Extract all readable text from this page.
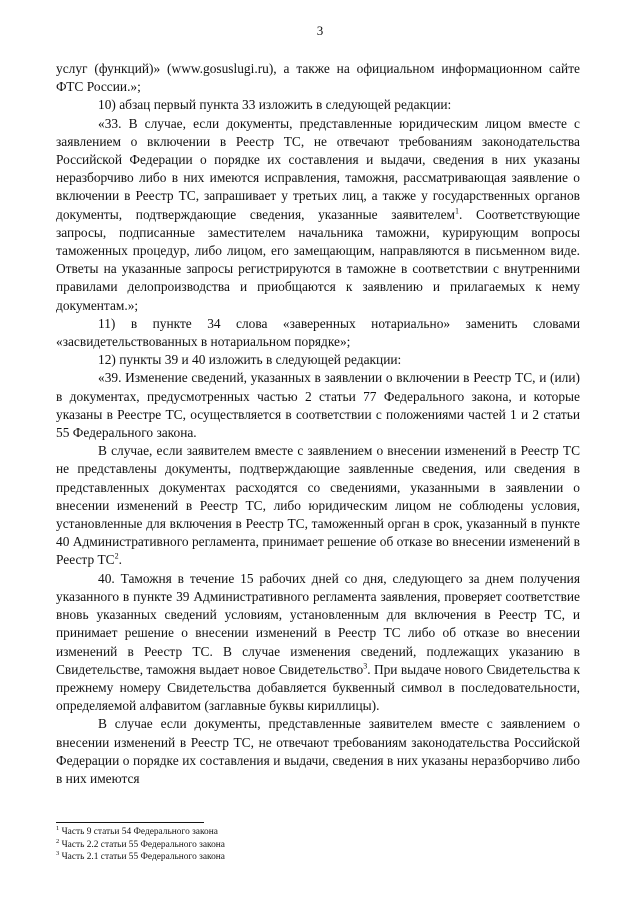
3

услуг (функций)» (www.gosuslugi.ru), а также на официальном информационном сайте ФТС России.»;

10) абзац первый пункта 33 изложить в следующей редакции:

«33. В случае, если документы, представленные юридическим лицом вместе с заявлением о включении в Реестр ТС, не отвечают требованиям законодательства Российской Федерации о порядке их составления и выдачи, сведения в них указаны неразборчиво либо в них имеются исправления, таможня, рассматривающая заявление о включении в Реестр ТС, запрашивает у третьих лиц, а также у государственных органов документы, подтверждающие сведения, указанные заявителем$^1$. Соответствующие запросы, подписанные заместителем начальника таможни, курирующим вопросы таможенных процедур, либо лицом, его замещающим, направляются в письменном виде. Ответы на указанные запросы регистрируются в таможне в соответствии с внутренними правилами делопроизводства и приобщаются к заявлению и прилагаемых к нему документам.»;

11) в пункте 34 слова «заверенных нотариально» заменить словами «засвидетельствованных в нотариальном порядке»;

12) пункты 39 и 40 изложить в следующей редакции:

«39. Изменение сведений, указанных в заявлении о включении в Реестр ТС, и (или) в документах, предусмотренных частью 2 статьи 77 Федерального закона, и которые указаны в Реестре ТС, осуществляется в соответствии с положениями частей 1 и 2 статьи 55 Федерального закона.

В случае, если заявителем вместе с заявлением о внесении изменений в Реестр ТС не представлены документы, подтверждающие заявленные сведения, или сведения в представленных документах расходятся со сведениями, указанными в заявлении о внесении изменений в Реестр ТС, либо юридическим лицом не соблюдены условия, установленные для включения в Реестр ТС, таможенный орган в срок, указанный в пункте 40 Административного регламента, принимает решение об отказе во внесении изменений в Реестр $ТС^2$.

40. Таможня в течение 15 рабочих дней со дня, следующего за днем получения указанного в пункте 39 Административного регламента заявления, проверяет соответствие вновь указанных сведений условиям, установленным для включения в Реестр ТС, и принимает решение о внесении изменений в Реестр ТС либо об отказе во внесении изменений в Реестр ТС. В случае изменения сведений, подлежащих указанию в Свидетельстве, таможня выдает новое Свидетельство$^3$. При выдаче нового Свидетельства к прежнему номеру Свидетельства добавляется буквенный символ в последовательности, определяемой алфавитом (заглавные буквы кириллицы).

В случае если документы, представленные заявителем вместе с заявлением о внесении изменений в Реестр ТС, не отвечают требованиям законодательства Российской Федерации о порядке их составления и выдачи, сведения в них указаны неразборчиво либо в них имеются

$^1$ Часть 9 статьи 54 Федерального закона
$^2$ Часть 2.2 статьи 55 Федерального закона
$^3$ Часть 2.1 статьи 55 Федерального закона
